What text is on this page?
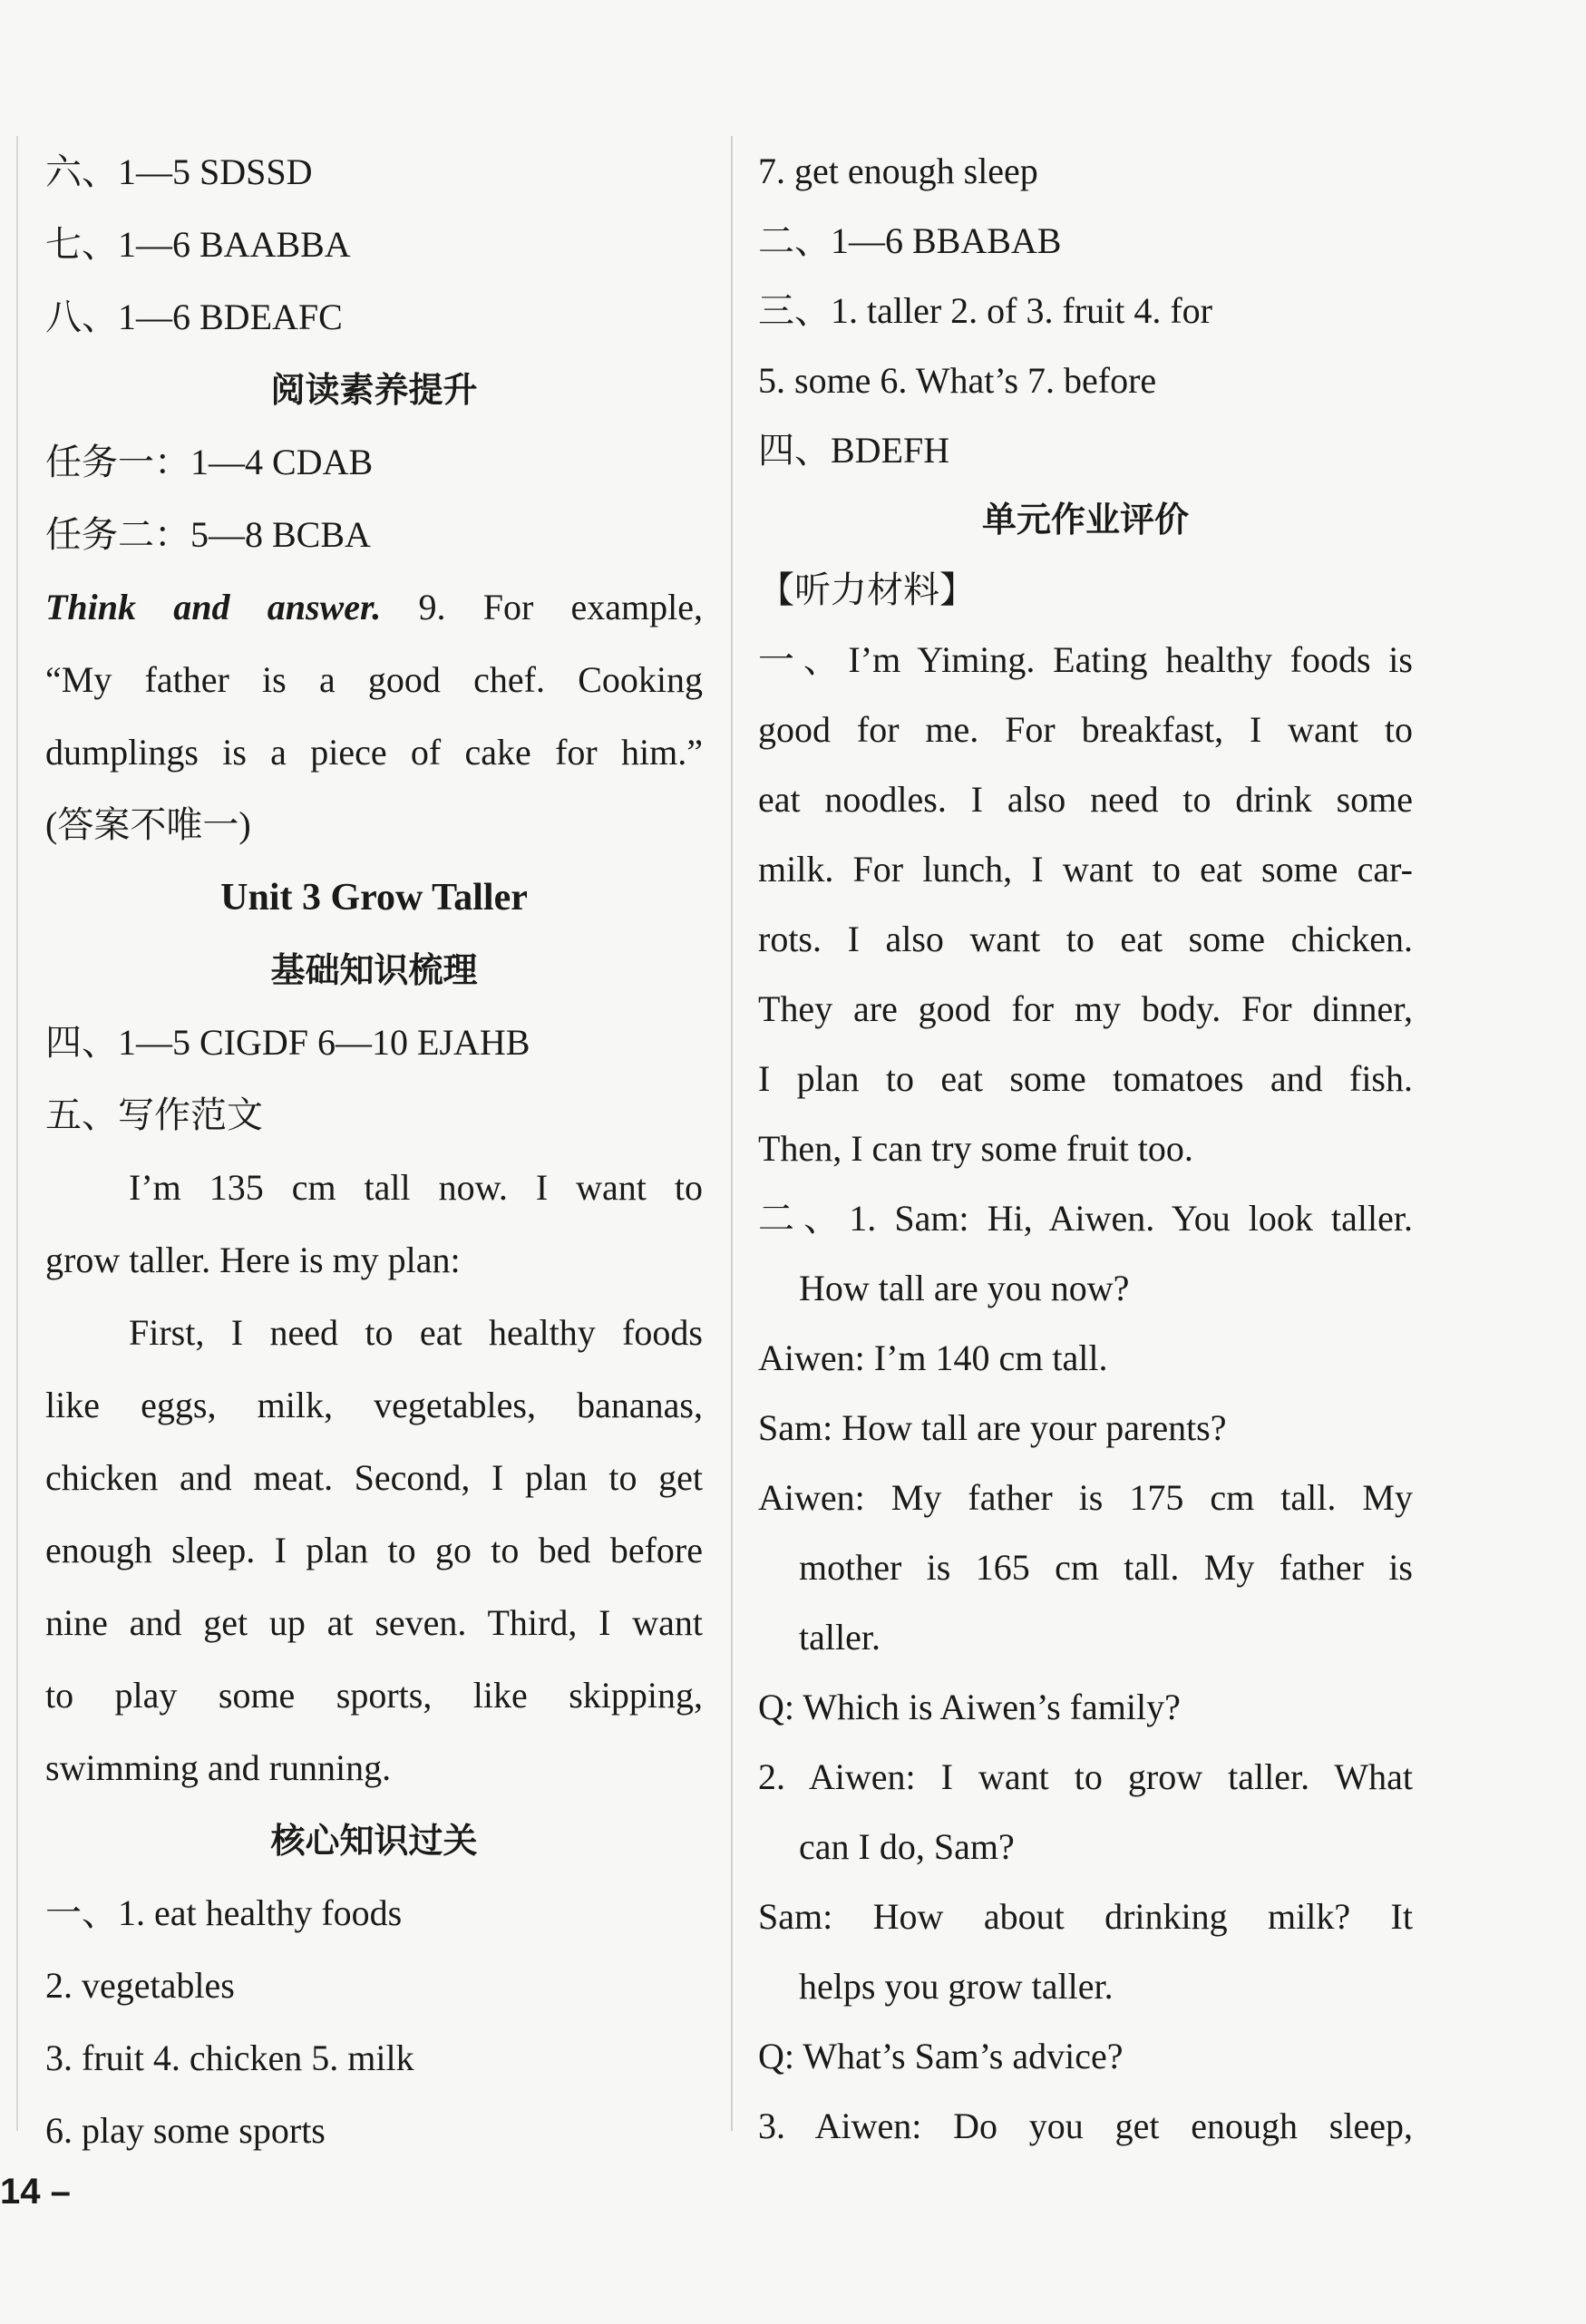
六、1—5 SDSSD
七、1—6 BAABBA
八、1—6 BDEAFC
阅读素养提升
任务一：1—4 CDAB
任务二：5—8 BCBA
Think and answer. 9. For example,
“My father is a good chef. Cooking
dumplings is a piece of cake for him.”
(答案不唯一)
Unit 3 Grow Taller
基础知识梳理
四、1—5 CIGDF 6—10 EJAHB
五、写作范文
I’m 135 cm tall now. I want to
grow taller. Here is my plan:
First, I need to eat healthy foods
like eggs, milk, vegetables, bananas,
chicken and meat. Second, I plan to get
enough sleep. I plan to go to bed before
nine and get up at seven. Third, I want
to play some sports, like skipping,
swimming and running.
核心知识过关
一、1. eat healthy foods
2. vegetables
3. fruit 4. chicken 5. milk
6. play some sports
7. get enough sleep
二、1—6 BBABAB
三、1. taller 2. of 3. fruit 4. for
5. some 6. What’s 7. before
四、BDEFH
单元作业评价
【听力材料】
一、I’m Yiming. Eating healthy foods is
good for me. For breakfast, I want to
eat noodles. I also need to drink some
milk. For lunch, I want to eat some car-
rots. I also want to eat some chicken.
They are good for my body. For dinner,
I plan to eat some tomatoes and fish.
Then, I can try some fruit too.
二、1. Sam: Hi, Aiwen. You look taller.
How tall are you now?
Aiwen: I’m 140 cm tall.
Sam: How tall are your parents?
Aiwen: My father is 175 cm tall. My
mother is 165 cm tall. My father is
taller.
Q: Which is Aiwen’s family?
2. Aiwen: I want to grow taller. What
can I do, Sam?
Sam: How about drinking milk? It
helps you grow taller.
Q: What’s Sam’s advice?
3. Aiwen: Do you get enough sleep,
14 –
